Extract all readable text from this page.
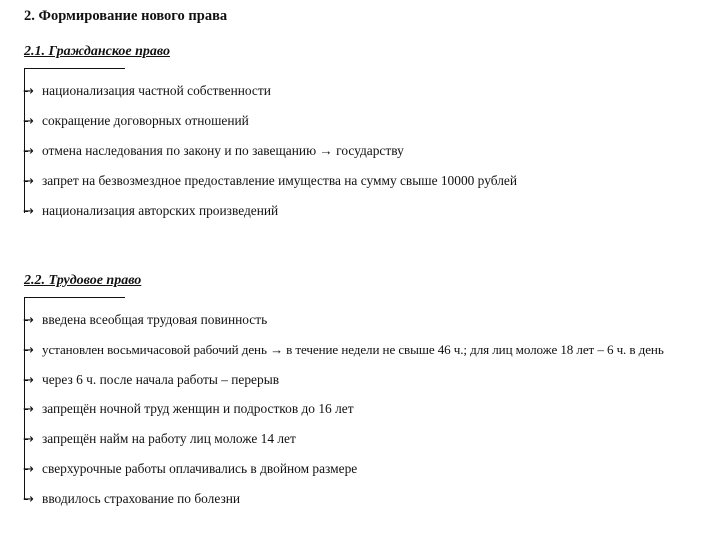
2. Формирование нового права
2.1. Гражданское право
→ национализация частной собственности
→ сокращение договорных отношений
→ отмена наследования по закону и по завещанию → государству
→ запрет на безвозмездное предоставление имущества на сумму свыше 10000 рублей
→ национализация авторских произведений
2.2. Трудовое право
→ введена всеобщая трудовая повинность
→ установлен восьмичасовой рабочий день → в течение недели не свыше 46 ч.; для лиц моложе 18 лет – 6 ч. в день
→ через 6 ч. после начала работы – перерыв
→ запрещён ночной труд женщин и подростков до 16 лет
→ запрещён найм на работу лиц моложе 14 лет
→ сверхурочные работы оплачивались в двойном размере
→ вводилось страхование по болезни
